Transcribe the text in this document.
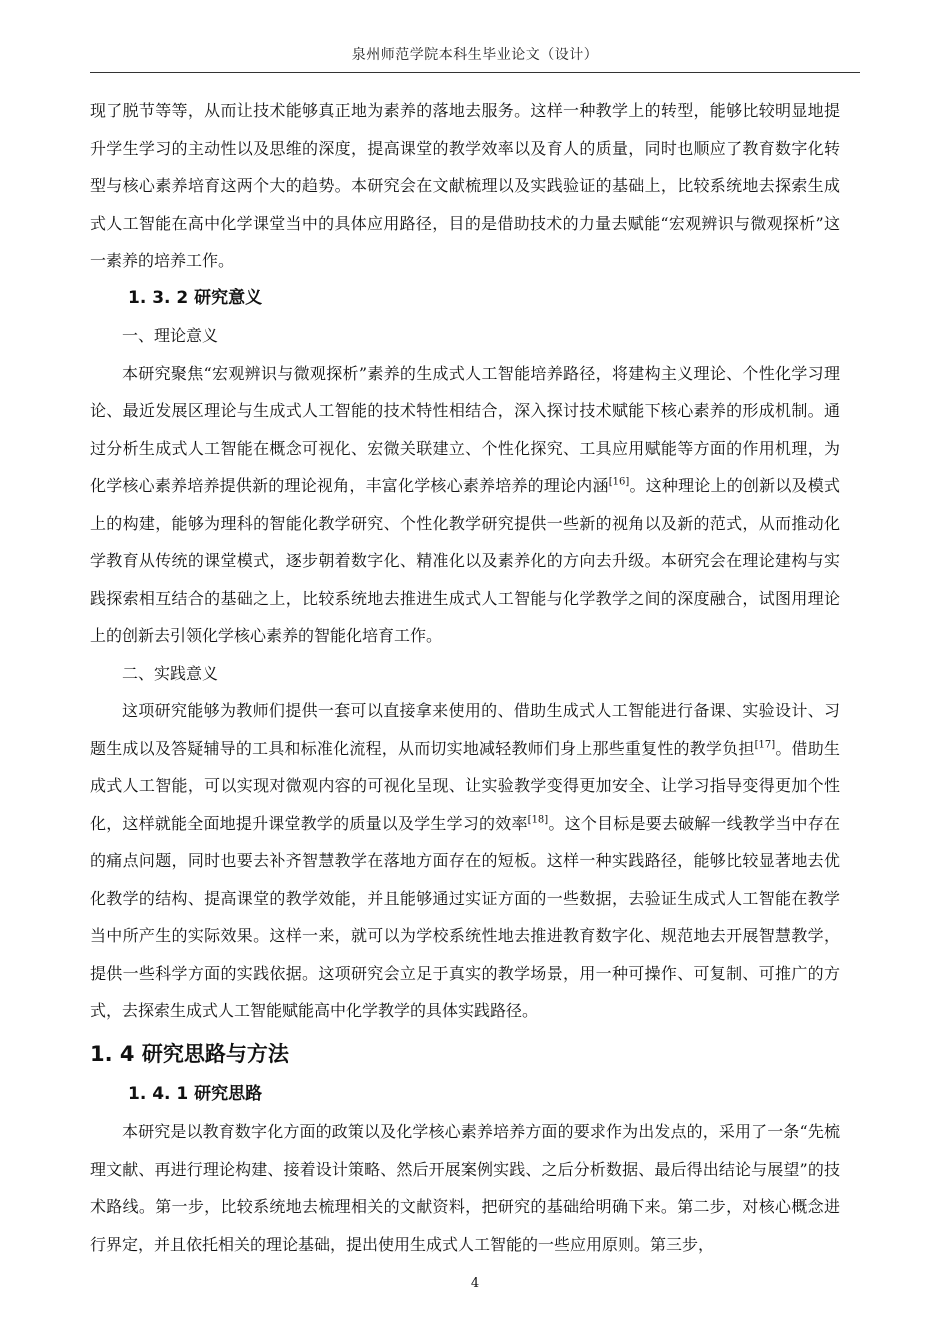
泉州师范学院本科生毕业论文（设计）

现了脱节等等，从而让技术能够真正地为素养的落地去服务。这样一种教学上的转型，能够比较明显地提升学生学习的主动性以及思维的深度，提高课堂的教学效率以及育人的质量，同时也顺应了教育数字化转型与核心素养培育这两个大的趋势。本研究会在文献梳理以及实践验证的基础上，比较系统地去探索生成式人工智能在高中化学课堂当中的具体应用路径，目的是借助技术的力量去赋能“宏观辨识与微观探析”这一素养的培养工作。

1. 3. 2 研究意义

一、理论意义

本研究聚焦“宏观辨识与微观探析”素养的生成式人工智能培养路径，将建构主义理论、个性化学习理论、最近发展区理论与生成式人工智能的技术特性相结合，深入探讨技术赋能下核心素养的形成机制。通过分析生成式人工智能在概念可视化、宏微关联建立、个性化探究、工具应用赋能等方面的作用机理，为化学核心素养培养提供新的理论视角，丰富化学核心素养培养的理论内涵[16]。这种理论上的创新以及模式上的构建，能够为理科的智能化教学研究、个性化教学研究提供一些新的视角以及新的范式，从而推动化学教育从传统的课堂模式，逐步朝着数字化、精准化以及素养化的方向去升级。本研究会在理论建构与实践探索相互结合的基础之上，比较系统地去推进生成式人工智能与化学教学之间的深度融合，试图用理论上的创新去引领化学核心素养的智能化培育工作。

二、实践意义

这项研究能够为教师们提供一套可以直接拿来使用的、借助生成式人工智能进行备课、实验设计、习题生成以及答疑辅导的工具和标准化流程，从而切实地减轻教师们身上那些重复性的教学负担[17]。借助生成式人工智能，可以实现对微观内容的可视化呈现、让实验教学变得更加安全、让学习指导变得更加个性化，这样就能全面地提升课堂教学的质量以及学生学习的效率[18]。这个目标是要去破解一线教学当中存在的痛点问题，同时也要去补齐智慧教学在落地方面存在的短板。这样一种实践路径，能够比较显著地去优化教学的结构、提高课堂的教学效能，并且能够通过实证方面的一些数据，去验证生成式人工智能在教学当中所产生的实际效果。这样一来，就可以为学校系统性地去推进教育数字化、规范地去开展智慧教学，提供一些科学方面的实践依据。这项研究会立足于真实的教学场景，用一种可操作、可复制、可推广的方式，去探索生成式人工智能赋能高中化学教学的具体实践路径。

1. 4 研究思路与方法
1. 4. 1 研究思路

本研究是以教育数字化方面的政策以及化学核心素养培养方面的要求作为出发点的，采用了一条“先梳理文献、再进行理论构建、接着设计策略、然后开展案例实践、之后分析数据、最后得出结论与展望”的技术路线。第一步，比较系统地去梳理相关的文献资料，把研究的基础给明确下来。第二步，对核心概念进行界定，并且依托相关的理论基础，提出使用生成式人工智能的一些应用原则。第三步，

4
